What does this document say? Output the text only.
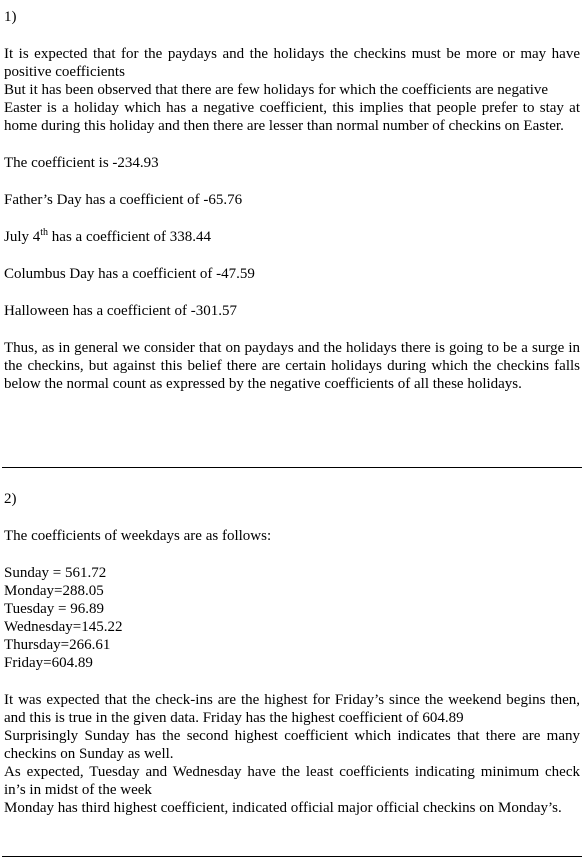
1)

It is expected that for the paydays and the holidays the checkins must be more or may have positive coefficients

But it has been observed that there are few holidays for which the coefficients are negative

Easter is a holiday which has a negative coefficient, this implies that people prefer to stay at home during this holiday and then there are lesser than normal number of checkins on Easter.

The coefficient is -234.93

Father’s Day has a coefficient of -65.76

July 4th has a coefficient of 338.44

Columbus Day has a coefficient of -47.59

Halloween has a coefficient of -301.57

Thus, as in general we consider that on paydays and the holidays there is going to be a surge in the checkins, but against this belief there are certain holidays during which the checkins falls below the normal count as expressed by the negative coefficients of all these holidays.

2)

The coefficients of weekdays are as follows:

Sunday = 561.72

Monday=288.05

Tuesday = 96.89

Wednesday=145.22

Thursday=266.61

Friday=604.89

It was expected that the check-ins are the highest for Friday’s since the weekend begins then, and this is true in the given data. Friday has the highest coefficient of 604.89

Surprisingly Sunday has the second highest coefficient which indicates that there are many checkins on Sunday as well.

As expected, Tuesday and Wednesday have the least coefficients indicating minimum check in’s in midst of the week

Monday has third highest coefficient, indicated official major official checkins on Monday’s.
